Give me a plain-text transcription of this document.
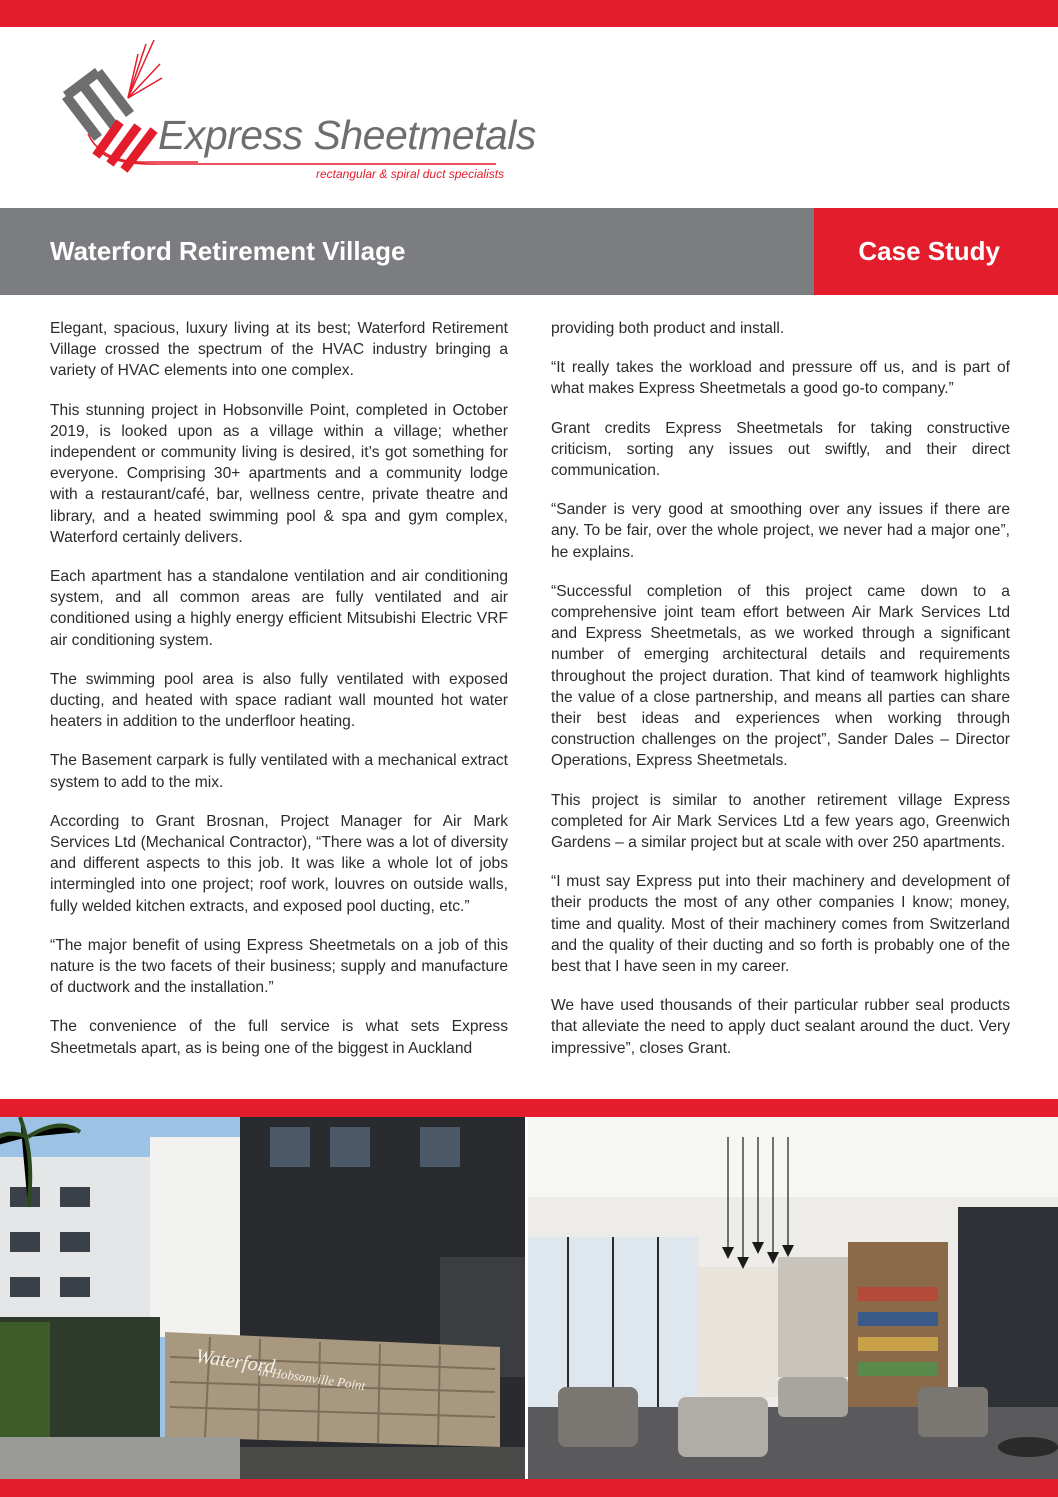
Express Sheetmetals
rectangular & spiral duct specialists
Waterford Retirement Village	Case Study

Elegant, spacious, luxury living at its best; Waterford Retirement Village crossed the spectrum of the HVAC industry bringing a variety of HVAC elements into one complex.

This stunning project in Hobsonville Point, completed in October 2019, is looked upon as a village within a village; whether independent or community living is desired, it’s got something for everyone. Comprising 30+ apartments and a community lodge with a restaurant/café, bar, wellness centre, private theatre and library, and a heated swimming pool & spa and gym complex, Waterford certainly delivers.

Each apartment has a standalone ventilation and air conditioning system, and all common areas are fully ventilated and air conditioned using a highly energy efficient Mitsubishi Electric VRF air conditioning system.

The swimming pool area is also fully ventilated with exposed ducting, and heated with space radiant wall mounted hot water heaters in addition to the underfloor heating.

The Basement carpark is fully ventilated with a mechanical extract system to add to the mix.

According to Grant Brosnan, Project Manager for Air Mark Services Ltd (Mechanical Contractor), “There was a lot of diversity and different aspects to this job. It was like a whole lot of jobs intermingled into one project; roof work, louvres on outside walls, fully welded kitchen extracts, and exposed pool ducting, etc.”

“The major benefit of using Express Sheetmetals on a job of this nature is the two facets of their business; supply and manufacture of ductwork and the installation.”

The convenience of the full service is what sets Express Sheetmetals apart, as is being one of the biggest in Auckland

providing both product and install.

“It really takes the workload and pressure off us, and is part of what makes Express Sheetmetals a good go-to company.”

Grant credits Express Sheetmetals for taking constructive criticism, sorting any issues out swiftly, and their direct communication.

“Sander is very good at smoothing over any issues if there are any. To be fair, over the whole project, we never had a major one”, he explains.

“Successful completion of this project came down to a comprehensive joint team effort between Air Mark Services Ltd and Express Sheetmetals, as we worked through a significant number of emerging architectural details and requirements throughout the project duration. That kind of teamwork highlights the value of a close partnership, and means all parties can share their best ideas and experiences when working through construction challenges on the project”, Sander Dales – Director Operations, Express Sheetmetals.

This project is similar to another retirement village Express completed for Air Mark Services Ltd a few years ago, Greenwich Gardens – a similar project but at scale with over 250 apartments.

“I must say Express put into their machinery and development of their products the most of any other companies I know; money, time and quality. Most of their machinery comes from Switzerland and the quality of their ducting and so forth is probably one of the best that I have seen in my career.

We have used thousands of their particular rubber seal products that alleviate the need to apply duct sealant around the duct. Very impressive”, closes Grant.

Waterford
in Hobsonville Point
